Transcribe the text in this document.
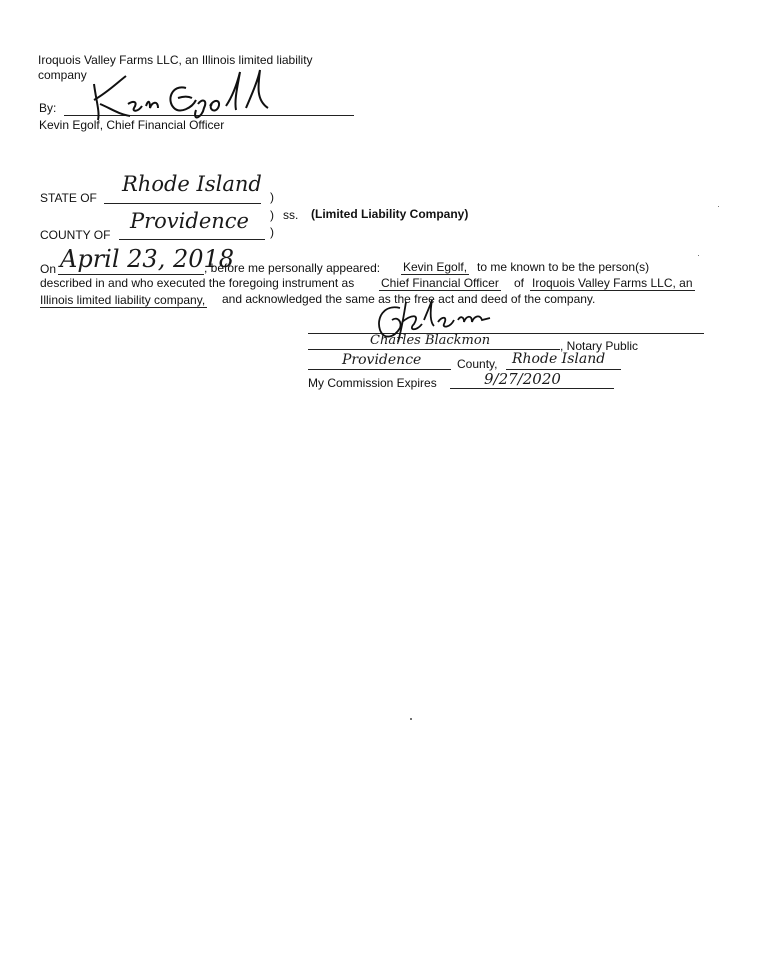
Iroquois Valley Farms LLC, an Illinois limited liability
company
By:
Kevin Egolf, Chief Financial Officer
STATE OF
Rhode Island
)
) ss. (Limited Liability Company)
COUNTY OF
Providence )
On April 23, 2018
, before me personally appeared: Kevin Egolf, to me known to be the person(s)
described in and who executed the foregoing instrument as Chief Financial Officer of Iroquois Valley Farms LLC, an
Illinois limited liability company, and acknowledged the same as the free act and deed of the company.
Charles Blackmon	, Notary Public
Providence	County, Rhode Island
My Commission Expires	9/27/2020
